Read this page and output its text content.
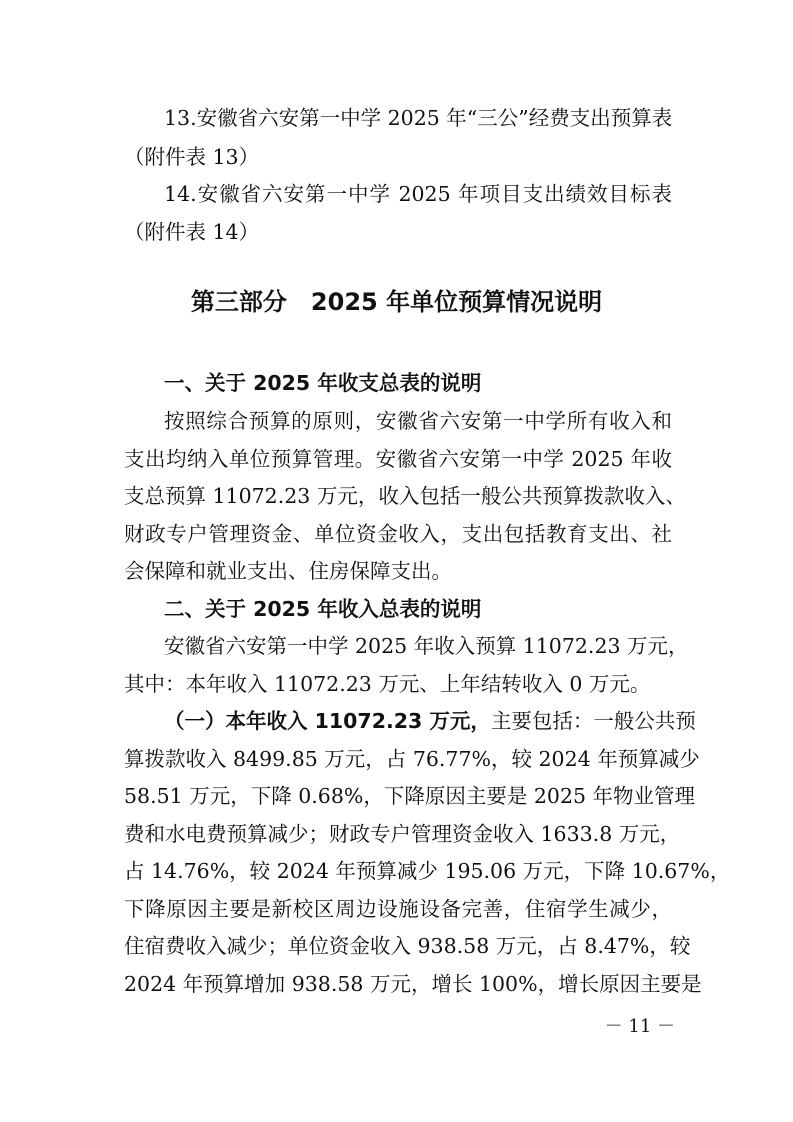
13.安徽省六安第一中学 2025 年“三公”经费支出预算表
（附件表 13）
14.安徽省六安第一中学 2025 年项目支出绩效目标表
（附件表 14）
第三部分　2025 年单位预算情况说明
一、关于 2025 年收支总表的说明
按照综合预算的原则，安徽省六安第一中学所有收入和
支出均纳入单位预算管理。安徽省六安第一中学 2025 年收
支总预算 11072.23 万元，收入包括一般公共预算拨款收入、
财政专户管理资金、单位资金收入，支出包括教育支出、社
会保障和就业支出、住房保障支出。
二、关于 2025 年收入总表的说明
安徽省六安第一中学 2025 年收入预算 11072.23 万元，
其中：本年收入 11072.23 万元、上年结转收入 0 万元。
（一）本年收入 11072.23 万元，主要包括：一般公共预
算拨款收入 8499.85 万元，占 76.77%，较 2024 年预算减少
58.51 万元，下降 0.68%，下降原因主要是 2025 年物业管理
费和水电费预算减少；财政专户管理资金收入 1633.8 万元，
占 14.76%，较 2024 年预算减少 195.06 万元，下降 10.67%，
下降原因主要是新校区周边设施设备完善，住宿学生减少，
住宿费收入减少；单位资金收入 938.58 万元，占 8.47%，较
2024 年预算增加 938.58 万元，增长 100%，增长原因主要是
－ 11 －
